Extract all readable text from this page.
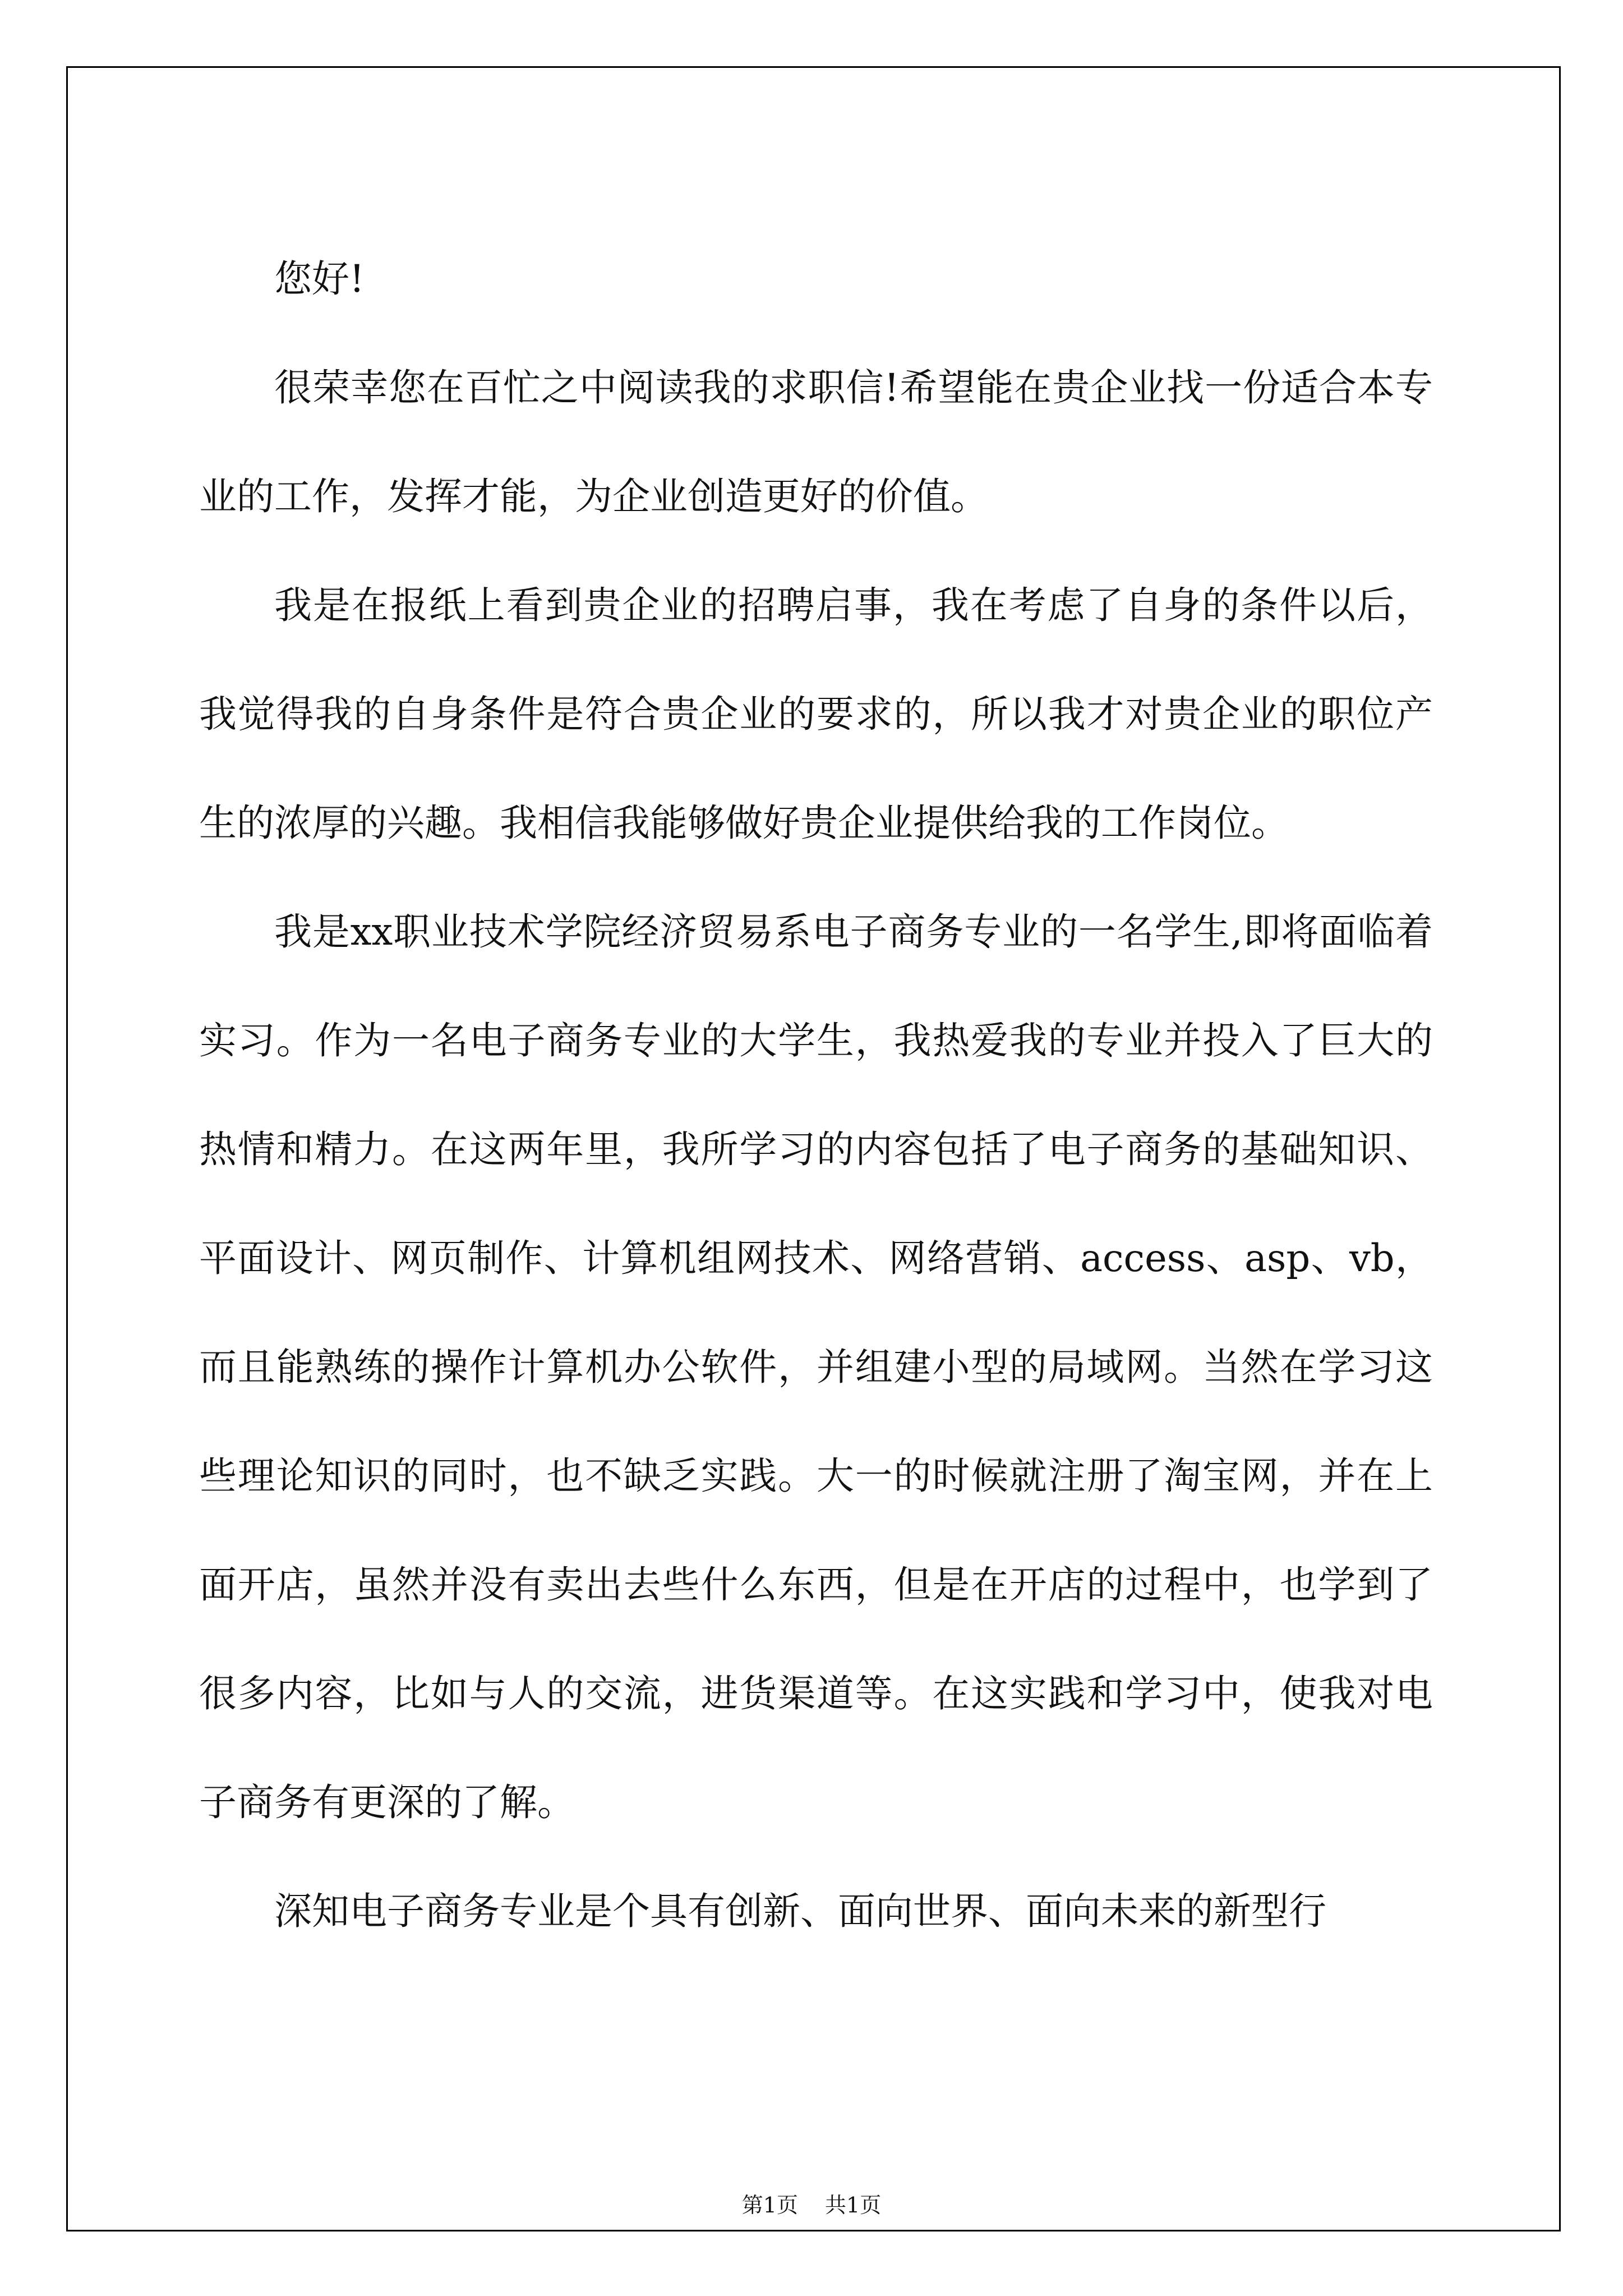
您好!

很荣幸您在百忙之中阅读我的求职信!希望能在贵企业找一份适合本专业的工作，发挥才能，为企业创造更好的价值。

我是在报纸上看到贵企业的招聘启事，我在考虑了自身的条件以后，我觉得我的自身条件是符合贵企业的要求的，所以我才对贵企业的职位产生的浓厚的兴趣。我相信我能够做好贵企业提供给我的工作岗位。

我是xx职业技术学院经济贸易系电子商务专业的一名学生,即将面临着实习。作为一名电子商务专业的大学生，我热爱我的专业并投入了巨大的热情和精力。在这两年里，我所学习的内容包括了电子商务的基础知识、平面设计、网页制作、计算机组网技术、网络营销、access、asp、vb，而且能熟练的操作计算机办公软件，并组建小型的局域网。当然在学习这些理论知识的同时，也不缺乏实践。大一的时候就注册了淘宝网，并在上面开店，虽然并没有卖出去些什么东西，但是在开店的过程中，也学到了很多内容，比如与人的交流，进货渠道等。在这实践和学习中，使我对电子商务有更深的了解。

深知电子商务专业是个具有创新、面向世界、面向未来的新型行

第1页 共1页
